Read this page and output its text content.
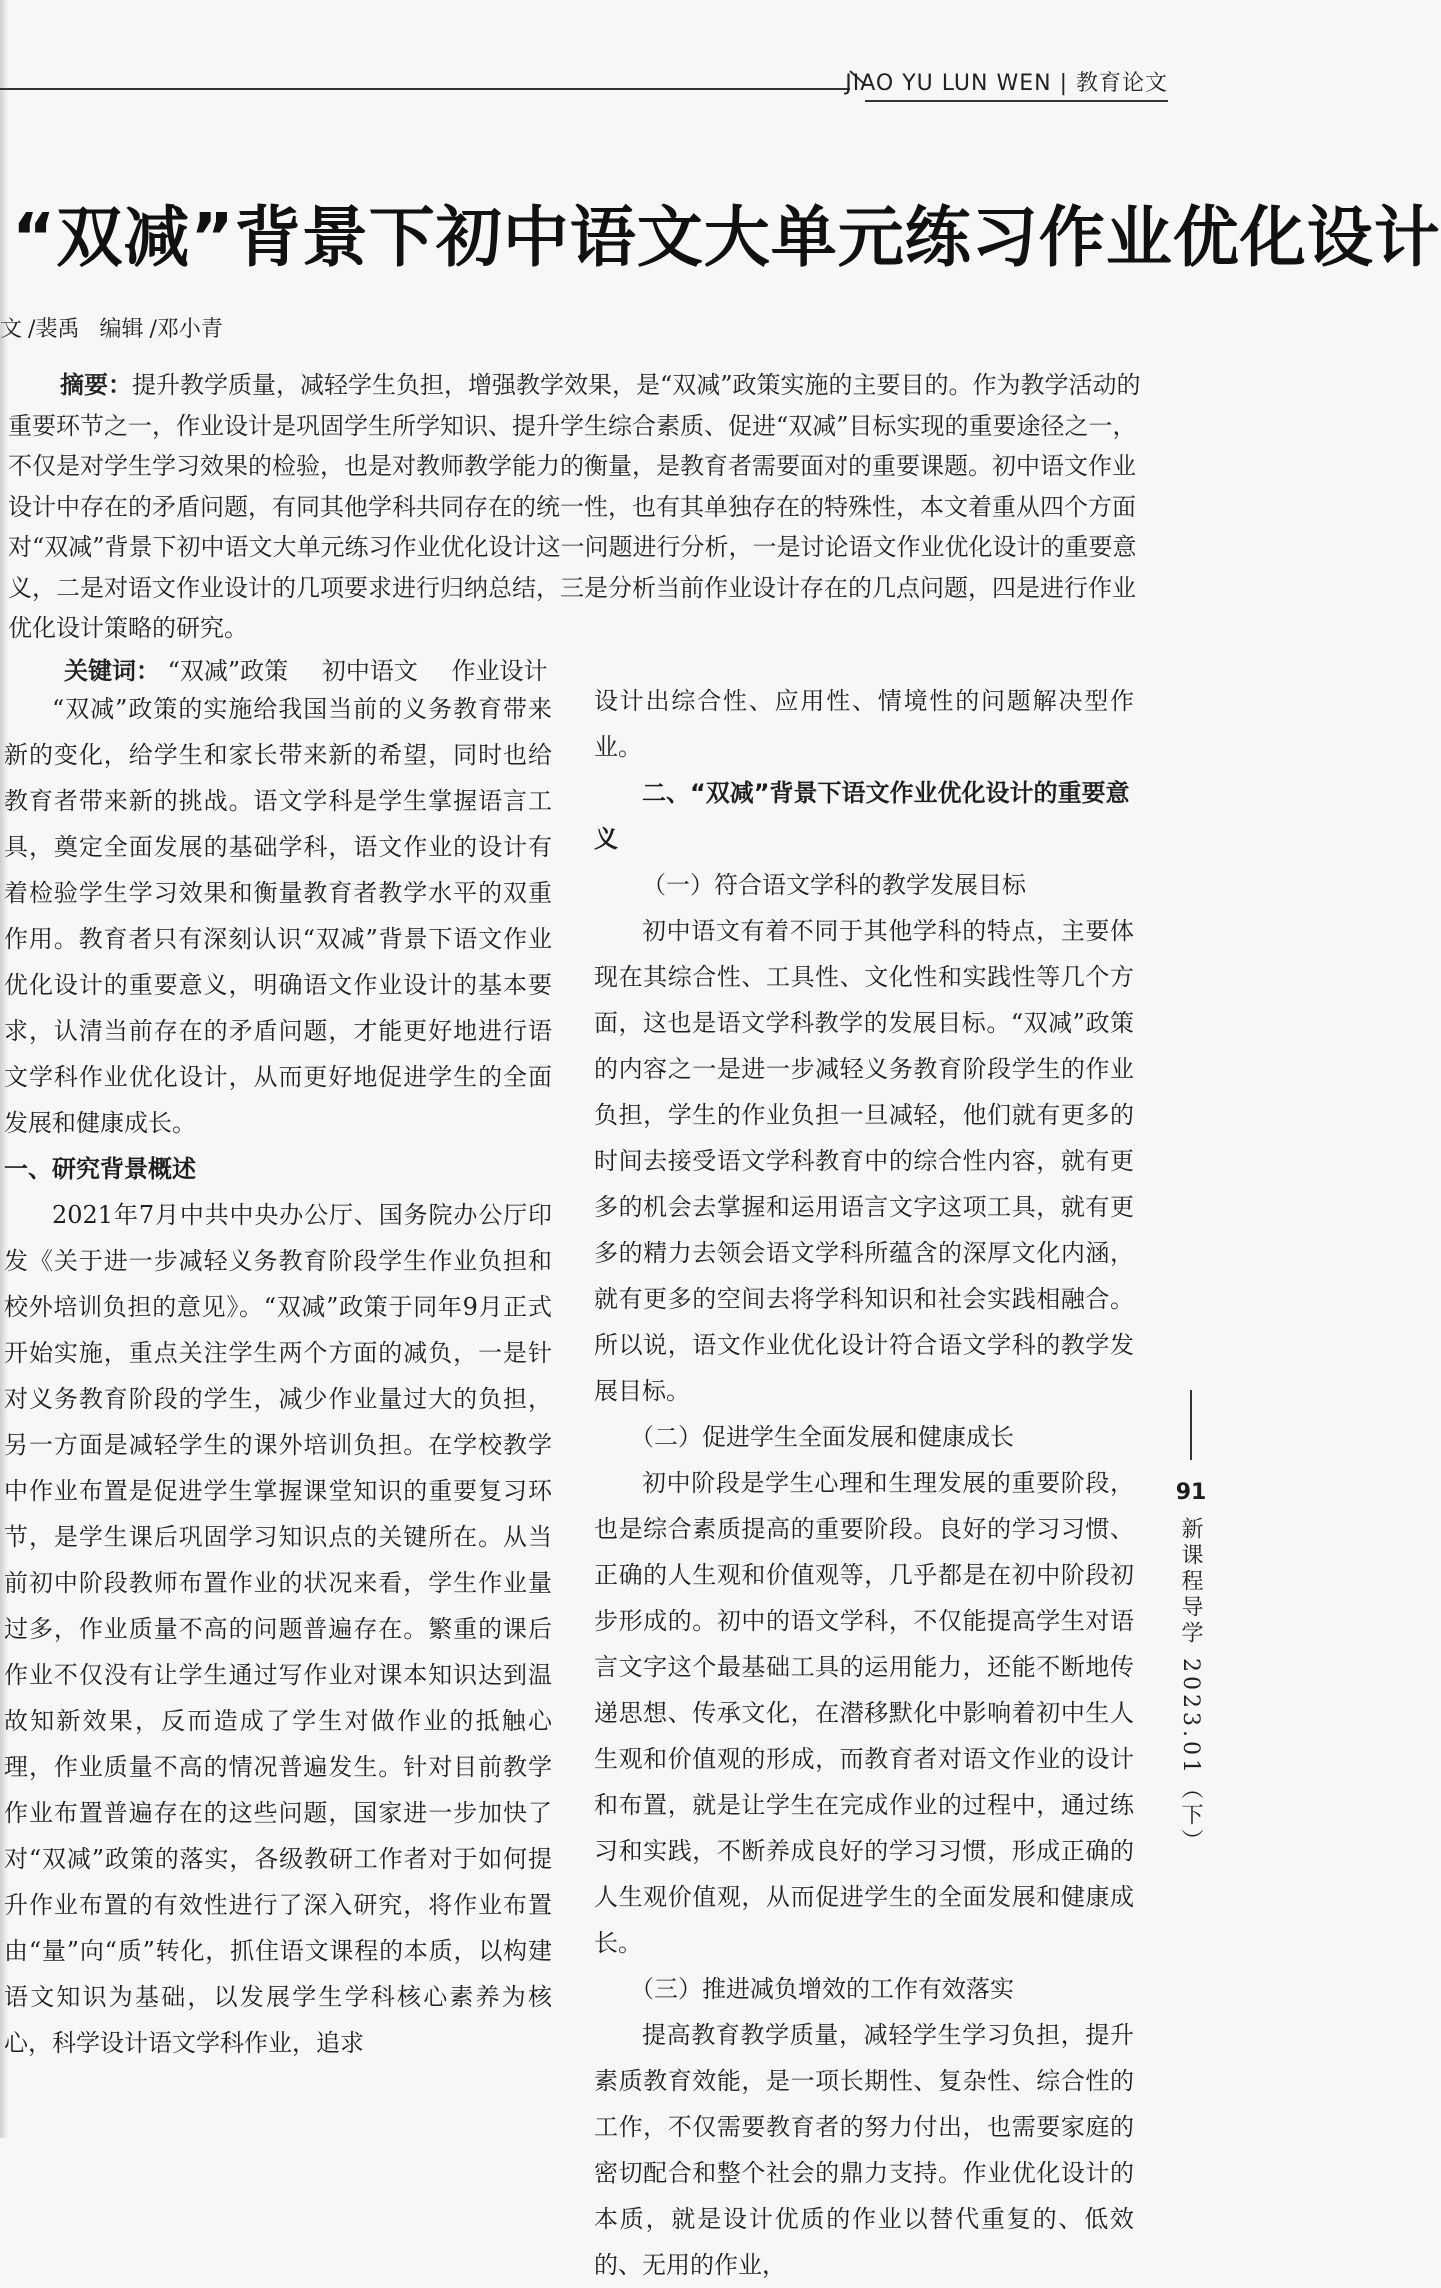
JIAO YU LUN WEN | 教育论文
“双减”背景下初中语文大单元练习作业优化设计
文 /裴禹 编辑 /邓小青

摘要：提升教学质量，减轻学生负担，增强教学效果，是“双减”政策实施的主要目的。作为教学活动的重要环节之一，作业设计是巩固学生所学知识、提升学生综合素质、促进“双减”目标实现的重要途径之一，不仅是对学生学习效果的检验，也是对教师教学能力的衡量，是教育者需要面对的重要课题。初中语文作业设计中存在的矛盾问题，有同其他学科共同存在的统一性，也有其单独存在的特殊性，本文着重从四个方面对“双减”背景下初中语文大单元练习作业优化设计这一问题进行分析，一是讨论语文作业优化设计的重要意义，二是对语文作业设计的几项要求进行归纳总结，三是分析当前作业设计存在的几点问题，四是进行作业优化设计策略的研究。

关键词： “双减”政策 初中语文 作业设计

“双减”政策的实施给我国当前的义务教育带来新的变化，给学生和家长带来新的希望，同时也给教育者带来新的挑战。语文学科是学生掌握语言工具，奠定全面发展的基础学科，语文作业的设计有着检验学生学习效果和衡量教育者教学水平的双重作用。教育者只有深刻认识“双减”背景下语文作业优化设计的重要意义，明确语文作业设计的基本要求，认清当前存在的矛盾问题，才能更好地进行语文学科作业优化设计，从而更好地促进学生的全面发展和健康成长。

一、研究背景概述

2021年7月中共中央办公厅、国务院办公厅印发《关于进一步减轻义务教育阶段学生作业负担和校外培训负担的意见》。“双减”政策于同年9月正式开始实施，重点关注学生两个方面的减负，一是针对义务教育阶段的学生，减少作业量过大的负担，另一方面是减轻学生的课外培训负担。在学校教学中作业布置是促进学生掌握课堂知识的重要复习环节，是学生课后巩固学习知识点的关键所在。从当前初中阶段教师布置作业的状况来看，学生作业量过多，作业质量不高的问题普遍存在。繁重的课后作业不仅没有让学生通过写作业对课本知识达到温故知新效果，反而造成了学生对做作业的抵触心理，作业质量不高的情况普遍发生。针对目前教学作业布置普遍存在的这些问题，国家进一步加快了对“双减”政策的落实，各级教研工作者对于如何提升作业布置的有效性进行了深入研究，将作业布置由“量”向“质”转化，抓住语文课程的本质，以构建语文知识为基础，以发展学生学科核心素养为核心，科学设计语文学科作业，追求

设计出综合性、应用性、情境性的问题解决型作业。

二、“双减”背景下语文作业优化设计的重要意义
（一）符合语文学科的教学发展目标

初中语文有着不同于其他学科的特点，主要体现在其综合性、工具性、文化性和实践性等几个方面，这也是语文学科教学的发展目标。“双减”政策的内容之一是进一步减轻义务教育阶段学生的作业负担，学生的作业负担一旦减轻，他们就有更多的时间去接受语文学科教育中的综合性内容，就有更多的机会去掌握和运用语言文字这项工具，就有更多的精力去领会语文学科所蕴含的深厚文化内涵，就有更多的空间去将学科知识和社会实践相融合。所以说，语文作业优化设计符合语文学科的教学发展目标。

（二）促进学生全面发展和健康成长

初中阶段是学生心理和生理发展的重要阶段，也是综合素质提高的重要阶段。良好的学习习惯、正确的人生观和价值观等，几乎都是在初中阶段初步形成的。初中的语文学科，不仅能提高学生对语言文字这个最基础工具的运用能力，还能不断地传递思想、传承文化，在潜移默化中影响着初中生人生观和价值观的形成，而教育者对语文作业的设计和布置，就是让学生在完成作业的过程中，通过练习和实践，不断养成良好的学习习惯，形成正确的人生观价值观，从而促进学生的全面发展和健康成长。

（三）推进减负增效的工作有效落实

提高教育教学质量，减轻学生学习负担，提升素质教育效能，是一项长期性、复杂性、综合性的工作，不仅需要教育者的努力付出，也需要家庭的密切配合和整个社会的鼎力支持。作业优化设计的本质，就是设计优质的作业以替代重复的、低效的、无用的作业，

91
新课程导学 2023.01（下）
